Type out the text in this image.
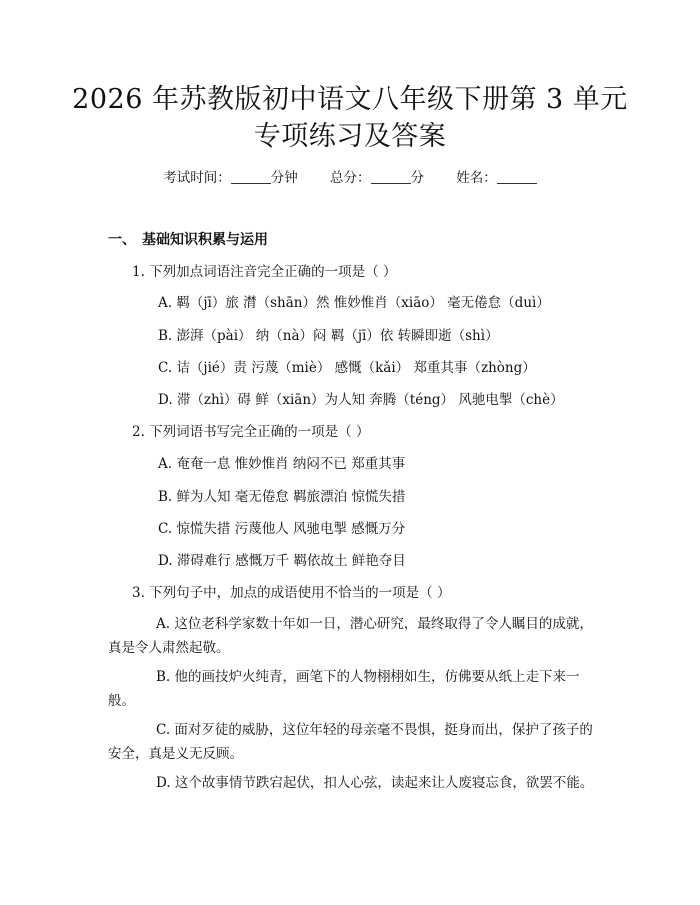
2026 年苏教版初中语文八年级下册第 3 单元
专项练习及答案
考试时间：	分钟 总分：	分 姓名：
一、 基础知识积累与运用
1. 下列加点词语注音完全正确的一项是（ ）
A. 羁（jī）旅 潸（shān）然 惟妙惟肖（xiāo） 毫无倦怠（duì）
B. 澎湃（pài） 纳（nà）闷 羁（jī）依 转瞬即逝（shì）
C. 诘（jié）责 污蔑（miè） 感慨（kǎi） 郑重其事（zhòng）
D. 滞（zhì）碍 鲜（xiān）为人知 奔腾（téng） 风驰电掣（chè）
2. 下列词语书写完全正确的一项是（ ）
A. 奄奄一息 惟妙惟肖 纳闷不已 郑重其事
B. 鲜为人知 毫无倦怠 羁旅漂泊 惊慌失措
C. 惊慌失措 污蔑他人 风驰电掣 感慨万分
D. 滞碍难行 感慨万千 羁依故土 鲜艳夺目
3. 下列句子中，加点的成语使用不恰当的一项是（ ）
A. 这位老科学家数十年如一日，潜心研究，最终取得了令人瞩目的成就，真是令人肃然起敬。
B. 他的画技炉火纯青，画笔下的人物栩栩如生，仿佛要从纸上走下来一般。
C. 面对歹徒的威胁，这位年轻的母亲毫不畏惧，挺身而出，保护了孩子的安全，真是义无反顾。
D. 这个故事情节跌宕起伏，扣人心弦，读起来让人废寝忘食，欲罢不能。
